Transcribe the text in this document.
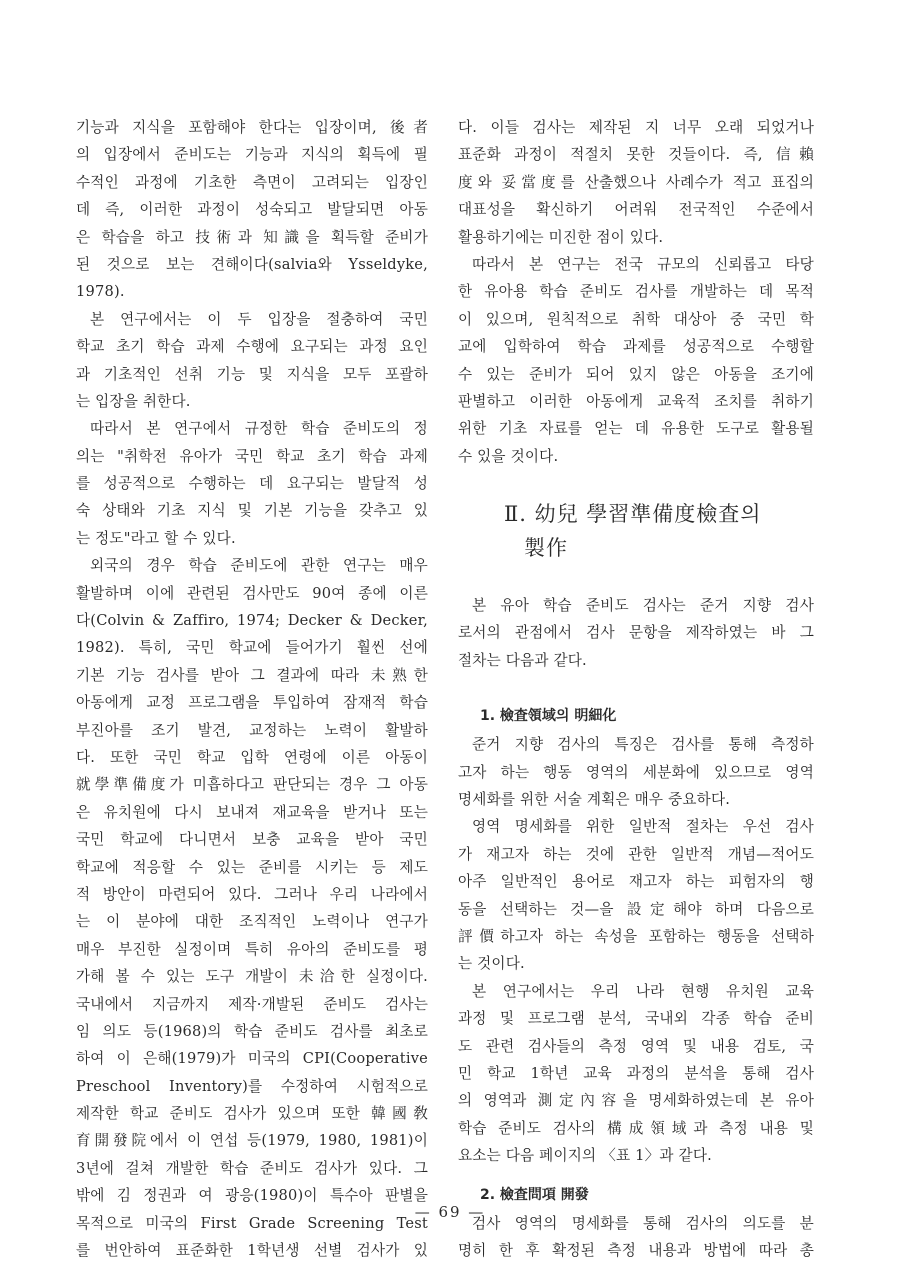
기능과 지식을 포함해야 한다는 입장이며, 後者
의 입장에서 준비도는 기능과 지식의 획득에 필
수적인 과정에 기초한 측면이 고려되는 입장인
데 즉, 이러한 과정이 성숙되고 발달되면 아동
은 학습을 하고 技術과 知識을 획득할 준비가
된 것으로 보는 견해이다(salvia와 Ysseldyke,
1978).
본 연구에서는 이 두 입장을 절충하여 국민
학교 초기 학습 과제 수행에 요구되는 과정 요인
과 기초적인 선취 기능 및 지식을 모두 포괄하
는 입장을 취한다.
따라서 본 연구에서 규정한 학습 준비도의 정
의는 "취학전 유아가 국민 학교 초기 학습 과제
를 성공적으로 수행하는 데 요구되는 발달적 성
숙 상태와 기초 지식 및 기본 기능을 갖추고 있
는 정도"라고 할 수 있다.
외국의 경우 학습 준비도에 관한 연구는 매우
활발하며 이에 관련된 검사만도 90여 종에 이른
다(Colvin & Zaffiro, 1974; Decker & Decker,
1982). 특히, 국민 학교에 들어가기 훨씬 선에
기본 기능 검사를 받아 그 결과에 따라 未熟한
아동에게 교정 프로그램을 투입하여 잠재적 학습
부진아를 조기 발견, 교정하는 노력이 활발하
다. 또한 국민 학교 입학 연령에 이른 아동이
就學準備度가 미흡하다고 판단되는 경우 그 아동
은 유치원에 다시 보내져 재교육을 받거나 또는
국민 학교에 다니면서 보충 교육을 받아 국민
학교에 적응할 수 있는 준비를 시키는 등 제도
적 방안이 마련되어 있다. 그러나 우리 나라에서
는 이 분야에 대한 조직적인 노력이나 연구가
매우 부진한 실정이며 특히 유아의 준비도를 평
가해 볼 수 있는 도구 개발이 未洽한 실정이다.
국내에서 지금까지 제작·개발된 준비도 검사는
임 의도 등(1968)의 학습 준비도 검사를 최초로
하여 이 은해(1979)가 미국의 CPI(Cooperative
Preschool Inventory)를 수정하여 시험적으로
제작한 학교 준비도 검사가 있으며 또한 韓國敎
育開發院에서 이 연섭 등(1979, 1980, 1981)이
3년에 걸쳐 개발한 학습 준비도 검사가 있다. 그
밖에 김 정권과 여 광응(1980)이 특수아 판별을
목적으로 미국의 First Grade Screening Test
를 번안하여 표준화한 1학년생 선별 검사가 있
다. 이들 검사는 제작된 지 너무 오래 되었거나
표준화 과정이 적절치 못한 것들이다. 즉, 信賴
度와 妥當度를 산출했으나 사례수가 적고 표집의
대표성을 확신하기 어려워 전국적인 수준에서
활용하기에는 미진한 점이 있다.
따라서 본 연구는 전국 규모의 신뢰롭고 타당
한 유아용 학습 준비도 검사를 개발하는 데 목적
이 있으며, 원칙적으로 취학 대상아 중 국민 학
교에 입학하여 학습 과제를 성공적으로 수행할
수 있는 준비가 되어 있지 않은 아동을 조기에
판별하고 이러한 아동에게 교육적 조치를 취하기
위한 기초 자료를 얻는 데 유용한 도구로 활용될
수 있을 것이다.
Ⅱ. 幼兒 學習準備度檢査의
製作
본 유아 학습 준비도 검사는 준거 지향 검사
로서의 관점에서 검사 문항을 제작하였는 바 그
절차는 다음과 같다.
1. 檢査領域의 明細化
준거 지향 검사의 특징은 검사를 통해 측정하
고자 하는 행동 영역의 세분화에 있으므로 영역
명세화를 위한 서술 계획은 매우 중요하다.
영역 명세화를 위한 일반적 절차는 우선 검사
가 재고자 하는 것에 관한 일반적 개념—적어도
아주 일반적인 용어로 재고자 하는 피험자의 행
동을 선택하는 것—을 設定해야 하며 다음으로
評價하고자 하는 속성을 포함하는 행동을 선택하
는 것이다.
본 연구에서는 우리 나라 현행 유치원 교육
과정 및 프로그램 분석, 국내외 각종 학습 준비
도 관련 검사들의 측정 영역 및 내용 검토, 국
민 학교 1학년 교육 과정의 분석을 통해 검사
의 영역과 測定內容을 명세화하였는데 본 유아
학습 준비도 검사의 構成領域과 측정 내용 및
요소는 다음 페이지의 〈표 1〉과 같다.
2. 檢査問項 開發
검사 영역의 명세화를 통해 검사의 의도를 분
명히 한 후 확정된 측정 내용과 방법에 따라 총
— 69 —
